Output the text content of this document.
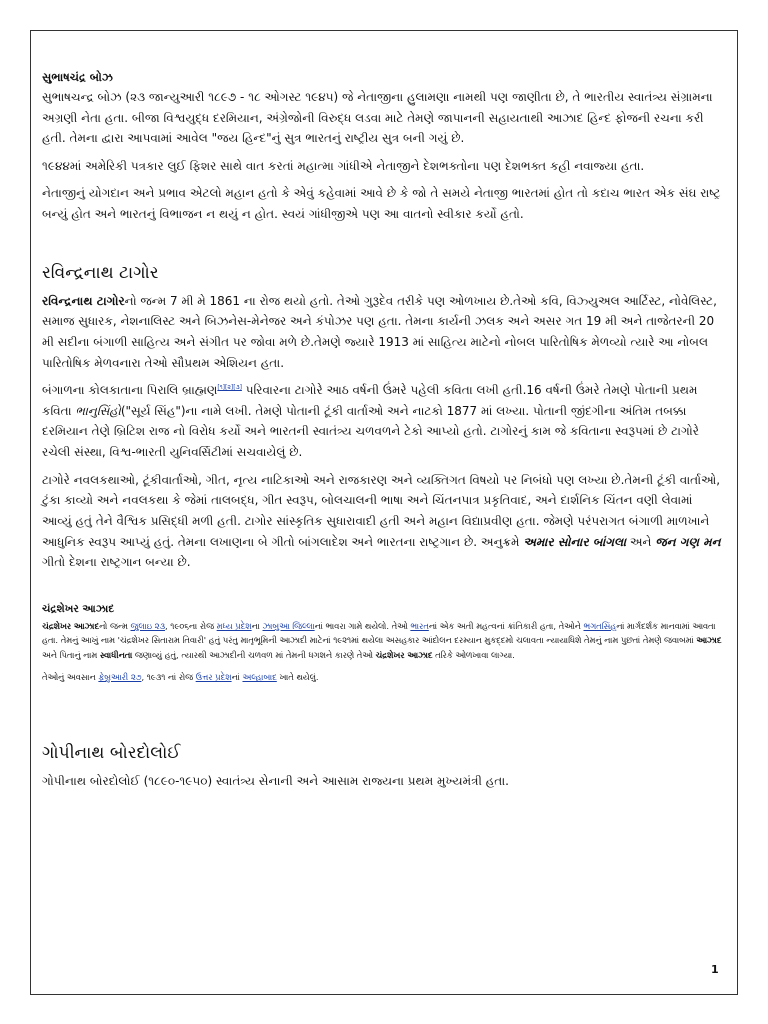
સુભાષચંદ્ર બોઝ

સુભાષચન્દ્ર બોઝ (૨૩ જાન્યુઆરી ૧૮૯૭ - ૧૮ ઓગસ્ટ ૧૯૪૫) જે નેતાજીના હુલામણા નામથી પણ જાણીતા છે, તે ભારતીય સ્વાતંત્ર્ય સંગ્રામના અગ્રણી નેતા હતા. બીજા વિશ્વયુદ્ધ દરમિયાન, અંગ્રેજોની વિરુદ્ધ લડવા માટે તેમણે જાપાનની સહાયતાથી આઝાદ હિન્દ ફોજની રચના કરી હતી. તેમના દ્વારા આપવામાં આવેલ "જય હિન્દ"નું સુત્ર ભારતનું રાષ્ટ્રીય સુત્ર બની ગયું છે.

૧૯૪૪માં અમેરિકી પત્રકાર લુઈ ફિશર સાથે વાત કરતાં મહાત્મા ગાંધીએ નેતાજીને દેશભક્તોના પણ દેશભક્ત કહી નવાજ્યા હતા.

નેતાજીનું યોગદાન અને પ્રભાવ એટલો મહાન હતો કે એવું કહેવામાં આવે છે કે જો તે સમયે નેતાજી ભારતમાં હોત તો કદાચ ભારત એક સંઘ રાષ્ટ્ર બન્યું હોત અને ભારતનું વિભાજન ન થયું ન હોત. સ્વયં ગાંધીજીએ પણ આ વાતનો સ્વીકાર કર્યો હતો.

રવિન્દ્રનાથ ટાગોર

રવિન્દ્રનાથ ટાગોરનો જન્મ 7 મી મે 1861 ના રોજ થયો હતો. તેઓ ગુરૂદેવ તરીકે પણ ઓળખાય છે.તેઓ કવિ, વિઝ્યુઅલ આર્ટિસ્ટ, નોવેલિસ્ટ, સમાજ સુધારક, નેશનાલિસ્ટ અને બિઝનેસ-મેનેજર અને કંપોઝર પણ હતા. તેમના કાર્યની ઝલક અને અસર ગત 19 મી અને તાજેતરની 20 મી સદીના બંગાળી સાહિત્ય અને સંગીત પર જોવા મળે છે.તેમણે જ્યારે 1913 માં સાહિત્ય માટેનો નોબલ પારિતોષિક મેળવ્યો ત્યારે આ નોબલ પારિતોષિક મેળવનારા તેઓ સૌપ્રથમ એશિયન હતા.

બંગાળના કોલકાતાના પિરાલિ બ્રાહ્મણ[૧][૨][૩] પરિવારના ટાગોરે આઠ વર્ષની ઉંમરે પહેલી કવિતા લખી હતી.16 વર્ષની ઉંમરે તેમણે પોતાની પ્રથમ કવિતા ભાનુસિંહો("સૂર્ય સિંહ")ના નામે લખી. તેમણે પોતાની ટૂંકી વાર્તાઓ અને નાટકો 1877 માં લખ્યા. પોતાની જીંદગીના અંતિમ તબક્કા દરમિયાન તેણે બ્રિટિશ રાજ નો વિરોધ કર્યો અને ભારતની સ્વાતંત્ર્ય ચળવળને ટેકો આપ્યો હતો. ટાગોરનું કામ જે કવિતાના સ્વરૂપમાં છે ટાગોરે રચેલી સંસ્થા, વિશ્વ-ભારતી યુનિવર્સિટીમાં સચવાયેલું છે.

ટાગોરે નવલકથાઓ, ટૂંકીવાર્તાઓ, ગીત, નૃત્ય નાટિકાઓ અને રાજકારણ અને વ્યક્તિગત વિષયો પર નિબંધો પણ લખ્યા છે.તેમની ટૂંકી વાર્તાઓ, ટુંકા કાવ્યો અને નવલકથા કે જેમાં તાલબદ્ધ, ગીત સ્વરૂપ, બોલચાલની ભાષા અને ચિંતનપાત્ર પ્રકૃતિવાદ, અને દાર્શનિક ચિંતન વણી લેવામાં આવ્યું હતું તેને વૈશ્વિક પ્રસિદ્ધી મળી હતી. ટાગોર સાંસ્કૃતિક સુધારાવાદી હતી અને મહાન વિદ્યાપ્રવીણ હતા. જેમણે પરંપરાગત બંગાળી માળખાને આધુનિક સ્વરૂપ આપ્યું હતું. તેમના લખાણના બે ગીતો બાંગલાદેશ અને ભારતના રાષ્ટ્રગાન છે. અનુક્રમે અમાર સોનાર બાંગલા અને જન ગણ મન ગીતો દેશના રાષ્ટ્રગાન બન્યા છે.

ચંદ્રશેખર આઝાદ

ચંદ્રશેખર આઝાદનો જન્મ જુલાઇ ૨૩, ૧૯૦૬ના રોજ મધ્ય પ્રદેશના ઝાબુઆ જિલ્લાનાં ભાવરા ગામે થયેલો. તેઓ ભારતનાં એક અતી મહત્વનાં ક્રાંતિકારી હતા, તેઓને ભગતસિંહનાં માર્ગદર્શક માનવામાં આવતા હતા. તેમનું આખું નામ 'ચંદ્રશેખર સિતારામ તિવારી' હતું પરંતુ માતૃભૂમિની આઝાદી માટેનાં ૧૯૨૧માં થયેલા અસહકાર આંદોલન દરમ્યાન મુકદ્દમો ચલાવતા ન્યાયાધિશે તેમનું નામ પુછતાં તેમણે જવાબમાં આઝાદ અને પિતાનું નામ સ્વાધીનતા જણાવ્યું હતું, ત્યારથી આઝાદીની ચળવળ માં તેમની ધગશને કારણે તેઓ ચંદ્રશેખર આઝાદ તરિકે ઓળખાવા લાગ્યા.

તેઓનું અવસાન ફેબ્રુઆરી ૨૭, ૧૯૩૧ નાં રોજ ઉત્તર પ્રદેશનાં અલ્હાબાદ ખાતે થયેલું.

ગોપીનાથ બોરદોલોઈ

ગોપીનાથ બોરદોલોઈ (૧૮૯૦-૧૯૫૦) સ્વાતંત્ર્ય સેનાની અને આસામ રાજ્યના પ્રથમ મુખ્યમંત્રી હતા.

1
